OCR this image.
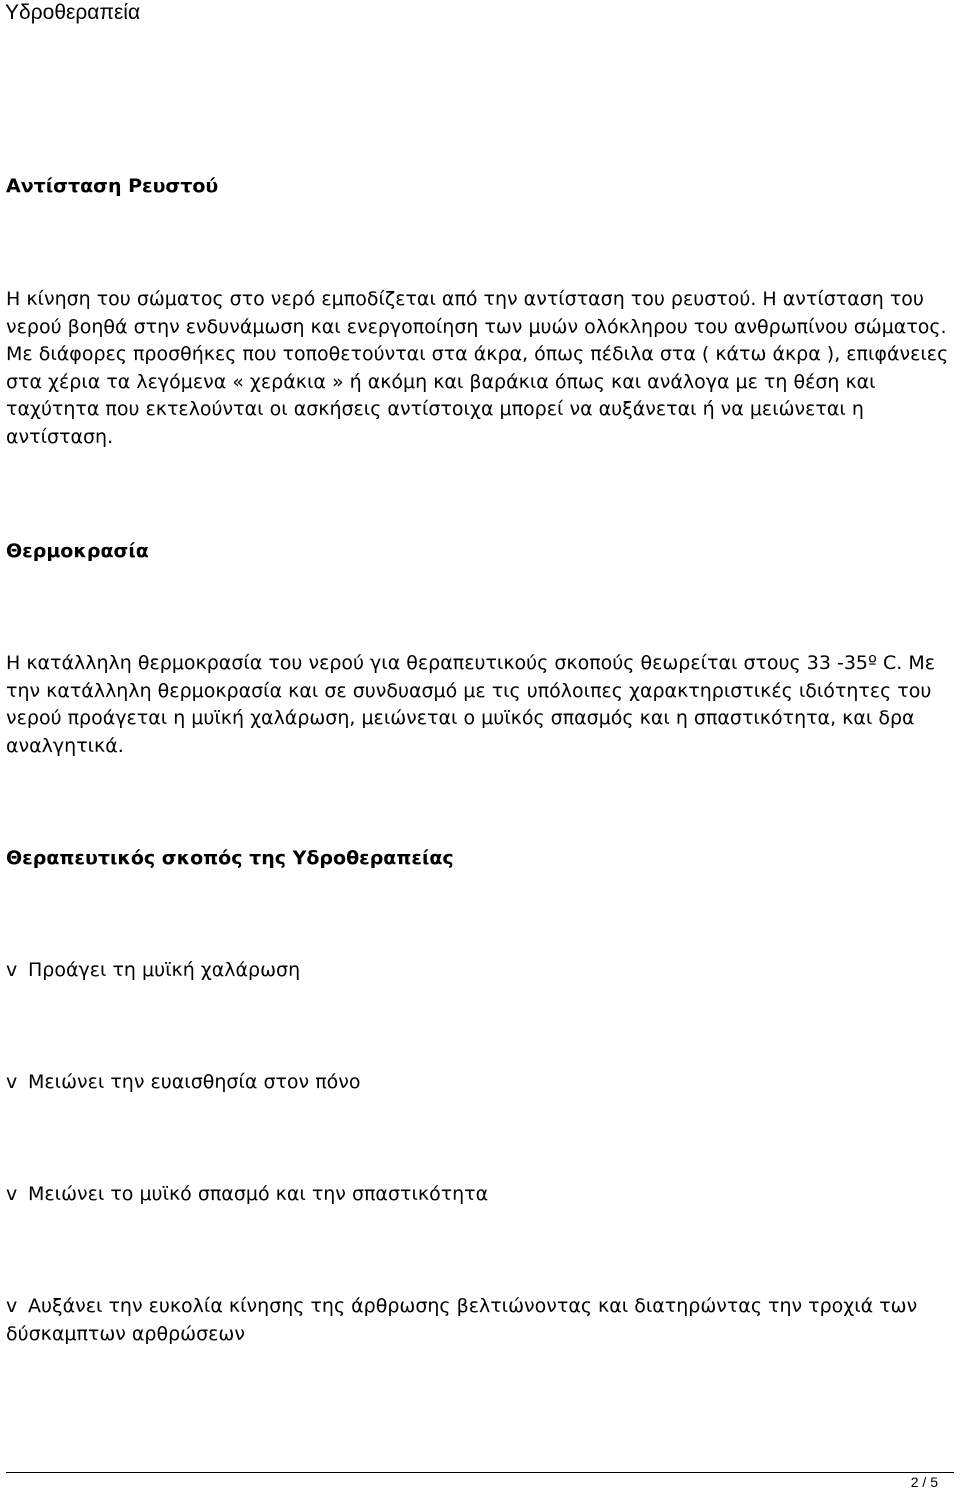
Υδροθεραπεία
Αντίσταση Ρευστού
Η κίνηση του σώματος στο νερό εμποδίζεται από την αντίσταση του ρευστού. Η αντίσταση του νερού βοηθά στην ενδυνάμωση και ενεργοποίηση των μυών ολόκληρου του ανθρωπίνου σώματος. Με διάφορες προσθήκες που τοποθετούνται στα άκρα, όπως πέδιλα στα ( κάτω άκρα ), επιφάνειες στα χέρια τα λεγόμενα « χεράκια » ή ακόμη και βαράκια όπως και ανάλογα με τη θέση και ταχύτητα που εκτελούνται οι ασκήσεις αντίστοιχα μπορεί να αυξάνεται ή να μειώνεται η αντίσταση.
Θερμοκρασία
Η κατάλληλη θερμοκρασία του νερού για θεραπευτικούς σκοπούς θεωρείται στους 33 -35º C. Με την κατάλληλη θερμοκρασία και σε συνδυασμό με τις υπόλοιπες χαρακτηριστικές ιδιότητες του νερού προάγεται η μυϊκή χαλάρωση, μειώνεται ο μυϊκός σπασμός και η σπαστικότητα, και δρα αναλγητικά.
Θεραπευτικός σκοπός της Υδροθεραπείας
v Προάγει τη μυϊκή χαλάρωση
v Μειώνει την ευαισθησία στον πόνο
v Μειώνει το μυϊκό σπασμό και την σπαστικότητα
v Αυξάνει την ευκολία κίνησης της άρθρωσης βελτιώνοντας και διατηρώντας την τροχιά των δύσκαμπτων αρθρώσεων
2 / 5
